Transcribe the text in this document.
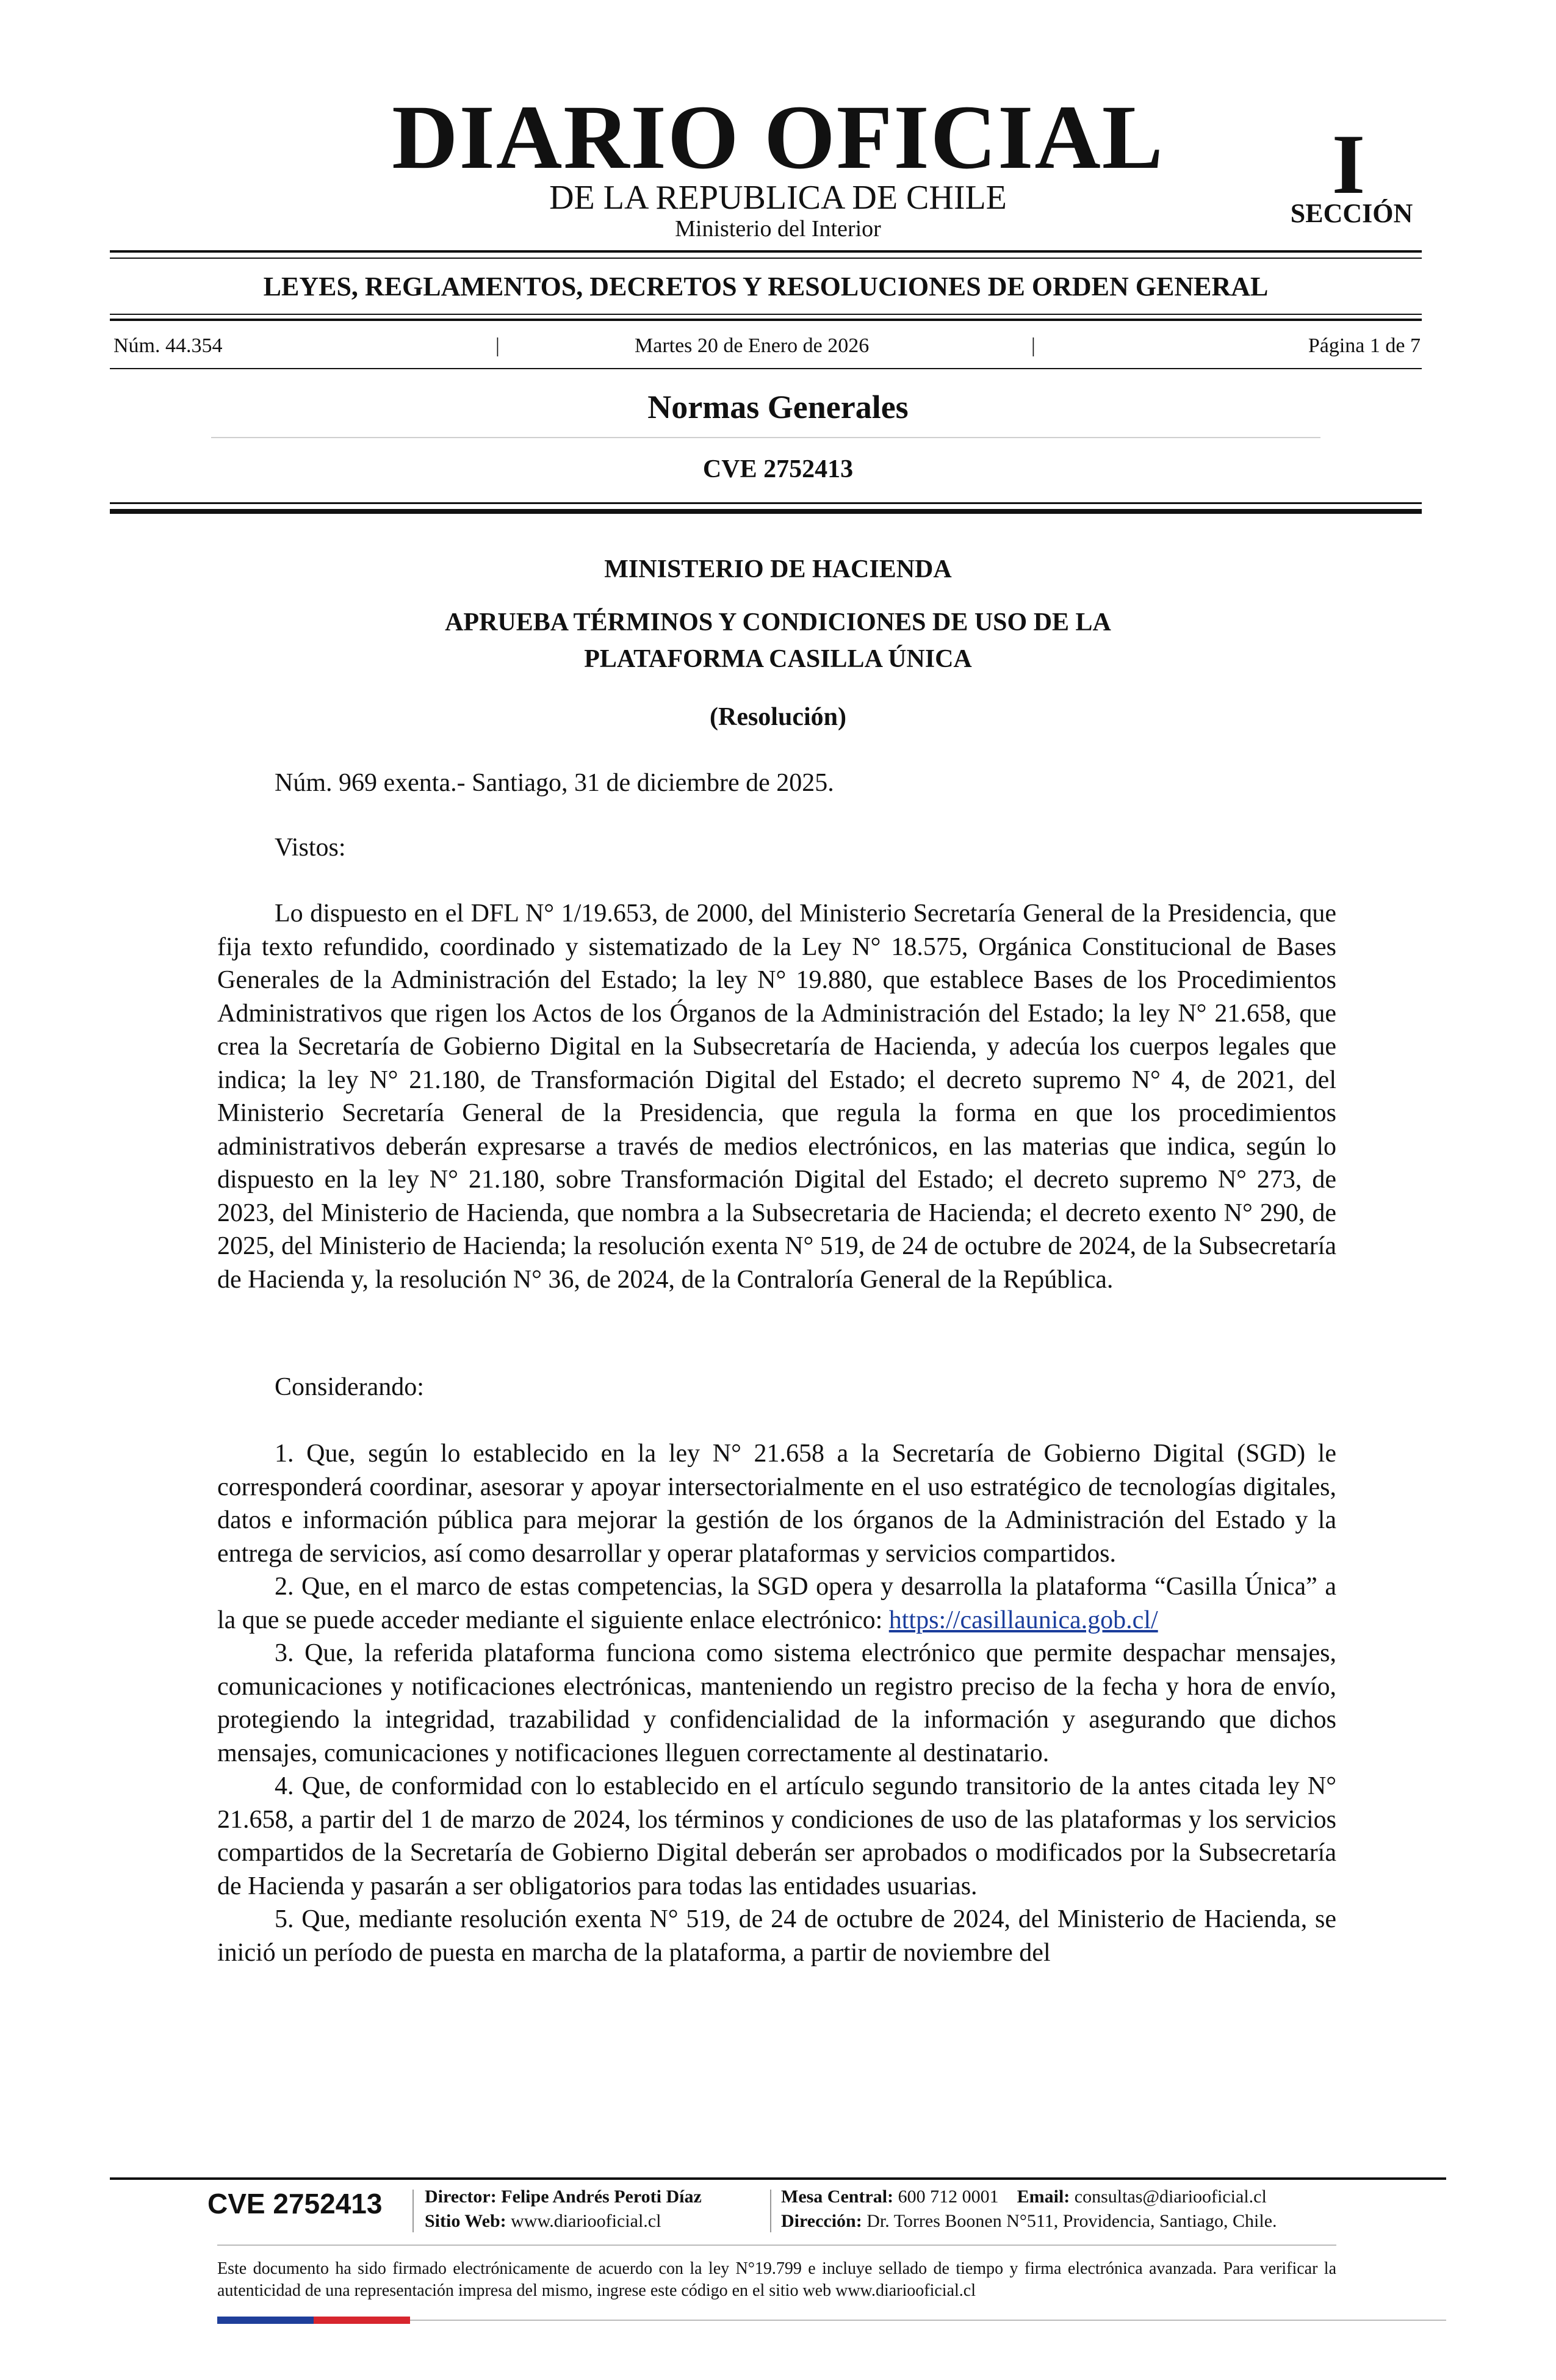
DIARIO OFICIAL
DE LA REPUBLICA DE CHILE
Ministerio del Interior
I
SECCIÓN
LEYES, REGLAMENTOS, DECRETOS Y RESOLUCIONES DE ORDEN GENERAL
Núm. 44.354	|	Martes 20 de Enero de 2026	|	Página 1 de 7
Normas Generales
CVE 2752413
MINISTERIO DE HACIENDA
APRUEBA TÉRMINOS Y CONDICIONES DE USO DE LA
PLATAFORMA CASILLA ÚNICA
(Resolución)

Núm. 969 exenta.- Santiago, 31 de diciembre de 2025.

Vistos:

Lo dispuesto en el DFL N° 1/19.653, de 2000, del Ministerio Secretaría General de la Presidencia, que fija texto refundido, coordinado y sistematizado de la Ley N° 18.575, Orgánica Constitucional de Bases Generales de la Administración del Estado; la ley N° 19.880, que establece Bases de los Procedimientos Administrativos que rigen los Actos de los Órganos de la Administración del Estado; la ley N° 21.658, que crea la Secretaría de Gobierno Digital en la Subsecretaría de Hacienda, y adecúa los cuerpos legales que indica; la ley N° 21.180, de Transformación Digital del Estado; el decreto supremo N° 4, de 2021, del Ministerio Secretaría General de la Presidencia, que regula la forma en que los procedimientos administrativos deberán expresarse a través de medios electrónicos, en las materias que indica, según lo dispuesto en la ley N° 21.180, sobre Transformación Digital del Estado; el decreto supremo N° 273, de 2023, del Ministerio de Hacienda, que nombra a la Subsecretaria de Hacienda; el decreto exento N° 290, de 2025, del Ministerio de Hacienda; la resolución exenta N° 519, de 24 de octubre de 2024, de la Subsecretaría de Hacienda y, la resolución N° 36, de 2024, de la Contraloría General de la República.

Considerando:

1. Que, según lo establecido en la ley N° 21.658 a la Secretaría de Gobierno Digital (SGD) le corresponderá coordinar, asesorar y apoyar intersectorialmente en el uso estratégico de tecnologías digitales, datos e información pública para mejorar la gestión de los órganos de la Administración del Estado y la entrega de servicios, así como desarrollar y operar plataformas y servicios compartidos.

2. Que, en el marco de estas competencias, la SGD opera y desarrolla la plataforma “Casilla Única” a la que se puede acceder mediante el siguiente enlace electrónico: https://casillaunica.gob.cl/

3. Que, la referida plataforma funciona como sistema electrónico que permite despachar mensajes, comunicaciones y notificaciones electrónicas, manteniendo un registro preciso de la fecha y hora de envío, protegiendo la integridad, trazabilidad y confidencialidad de la información y asegurando que dichos mensajes, comunicaciones y notificaciones lleguen correctamente al destinatario.

4. Que, de conformidad con lo establecido en el artículo segundo transitorio de la antes citada ley N° 21.658, a partir del 1 de marzo de 2024, los términos y condiciones de uso de las plataformas y los servicios compartidos de la Secretaría de Gobierno Digital deberán ser aprobados o modificados por la Subsecretaría de Hacienda y pasarán a ser obligatorios para todas las entidades usuarias.

5. Que, mediante resolución exenta N° 519, de 24 de octubre de 2024, del Ministerio de Hacienda, se inició un período de puesta en marcha de la plataforma, a partir de noviembre del

CVE 2752413	Director: Felipe Andrés Peroti Díaz
Sitio Web: www.diariooficial.cl
Mesa Central: 600 712 0001 Email: consultas@diariooficial.cl
Dirección: Dr. Torres Boonen N°511, Providencia, Santiago, Chile.
Este documento ha sido firmado electrónicamente de acuerdo con la ley N°19.799 e incluye sellado de tiempo y firma electrónica avanzada. Para verificar la autenticidad de una representación impresa del mismo, ingrese este código en el sitio web www.diariooficial.cl
